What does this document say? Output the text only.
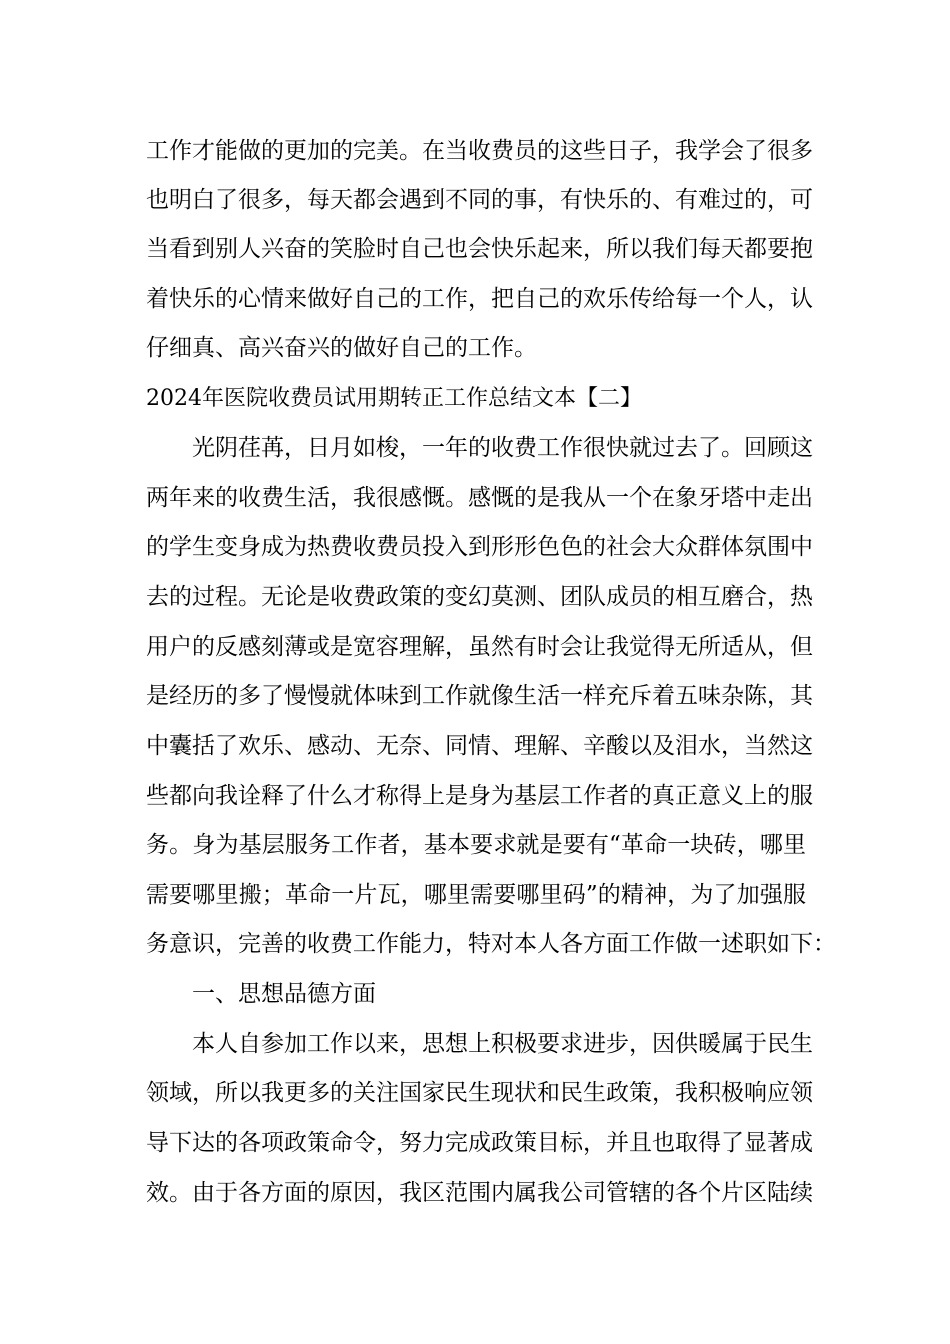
工作才能做的更加的完美。在当收费员的这些日子，我学会了很多
也明白了很多，每天都会遇到不同的事，有快乐的、有难过的，可
当看到别人兴奋的笑脸时自己也会快乐起来，所以我们每天都要抱
着快乐的心情来做好自己的工作，把自己的欢乐传给每一个人，认
仔细真、高兴奋兴的做好自己的工作。
2024年医院收费员试用期转正工作总结文本【二】
光阴荏苒，日月如梭，一年的收费工作很快就过去了。回顾这
两年来的收费生活，我很感慨。感慨的是我从一个在象牙塔中走出
的学生变身成为热费收费员投入到形形色色的社会大众群体氛围中
去的过程。无论是收费政策的变幻莫测、团队成员的相互磨合，热
用户的反感刻薄或是宽容理解，虽然有时会让我觉得无所适从，但
是经历的多了慢慢就体味到工作就像生活一样充斥着五味杂陈，其
中囊括了欢乐、感动、无奈、同情、理解、辛酸以及泪水，当然这
些都向我诠释了什么才称得上是身为基层工作者的真正意义上的服
务。身为基层服务工作者，基本要求就是要有“革命一块砖，哪里
需要哪里搬；革命一片瓦，哪里需要哪里码”的精神，为了加强服
务意识，完善的收费工作能力，特对本人各方面工作做一述职如下：
一、思想品德方面
本人自参加工作以来，思想上积极要求进步，因供暖属于民生
领域，所以我更多的关注国家民生现状和民生政策，我积极响应领
导下达的各项政策命令，努力完成政策目标，并且也取得了显著成
效。由于各方面的原因，我区范围内属我公司管辖的各个片区陆续
